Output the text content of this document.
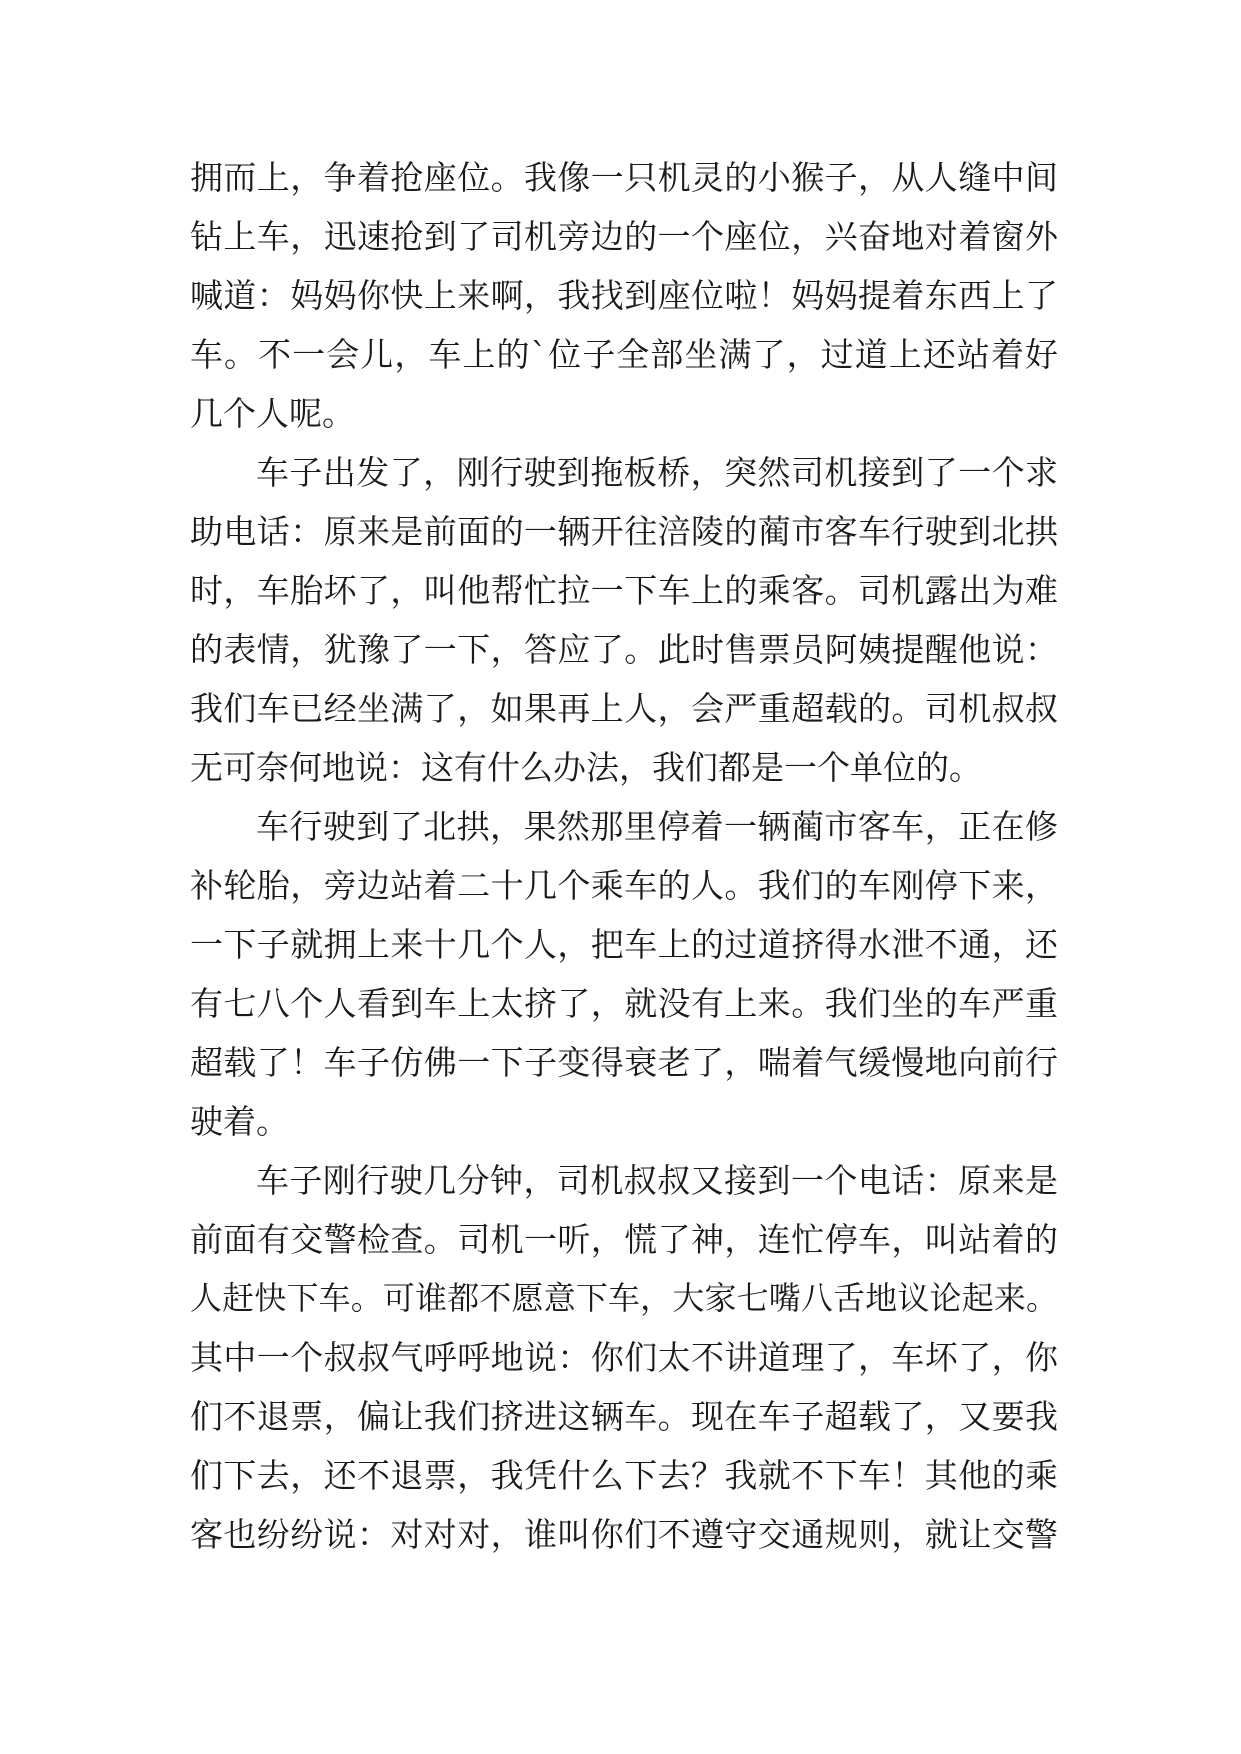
拥而上，争着抢座位。我像一只机灵的小猴子，从人缝中间
钻上车，迅速抢到了司机旁边的一个座位，兴奋地对着窗外
喊道：妈妈你快上来啊，我找到座位啦！妈妈提着东西上了
车。不一会儿，车上的`位子全部坐满了，过道上还站着好
几个人呢。
车子出发了，刚行驶到拖板桥，突然司机接到了一个求
助电话：原来是前面的一辆开往涪陵的蔺市客车行驶到北拱
时，车胎坏了，叫他帮忙拉一下车上的乘客。司机露出为难
的表情，犹豫了一下，答应了。此时售票员阿姨提醒他说：
我们车已经坐满了，如果再上人，会严重超载的。司机叔叔
无可奈何地说：这有什么办法，我们都是一个单位的。
车行驶到了北拱，果然那里停着一辆蔺市客车，正在修
补轮胎，旁边站着二十几个乘车的人。我们的车刚停下来，
一下子就拥上来十几个人，把车上的过道挤得水泄不通，还
有七八个人看到车上太挤了，就没有上来。我们坐的车严重
超载了！车子仿佛一下子变得衰老了，喘着气缓慢地向前行
驶着。
车子刚行驶几分钟，司机叔叔又接到一个电话：原来是
前面有交警检查。司机一听，慌了神，连忙停车，叫站着的
人赶快下车。可谁都不愿意下车，大家七嘴八舌地议论起来。
其中一个叔叔气呼呼地说：你们太不讲道理了，车坏了，你
们不退票，偏让我们挤进这辆车。现在车子超载了，又要我
们下去，还不退票，我凭什么下去？我就不下车！其他的乘
客也纷纷说：对对对，谁叫你们不遵守交通规则，就让交警
